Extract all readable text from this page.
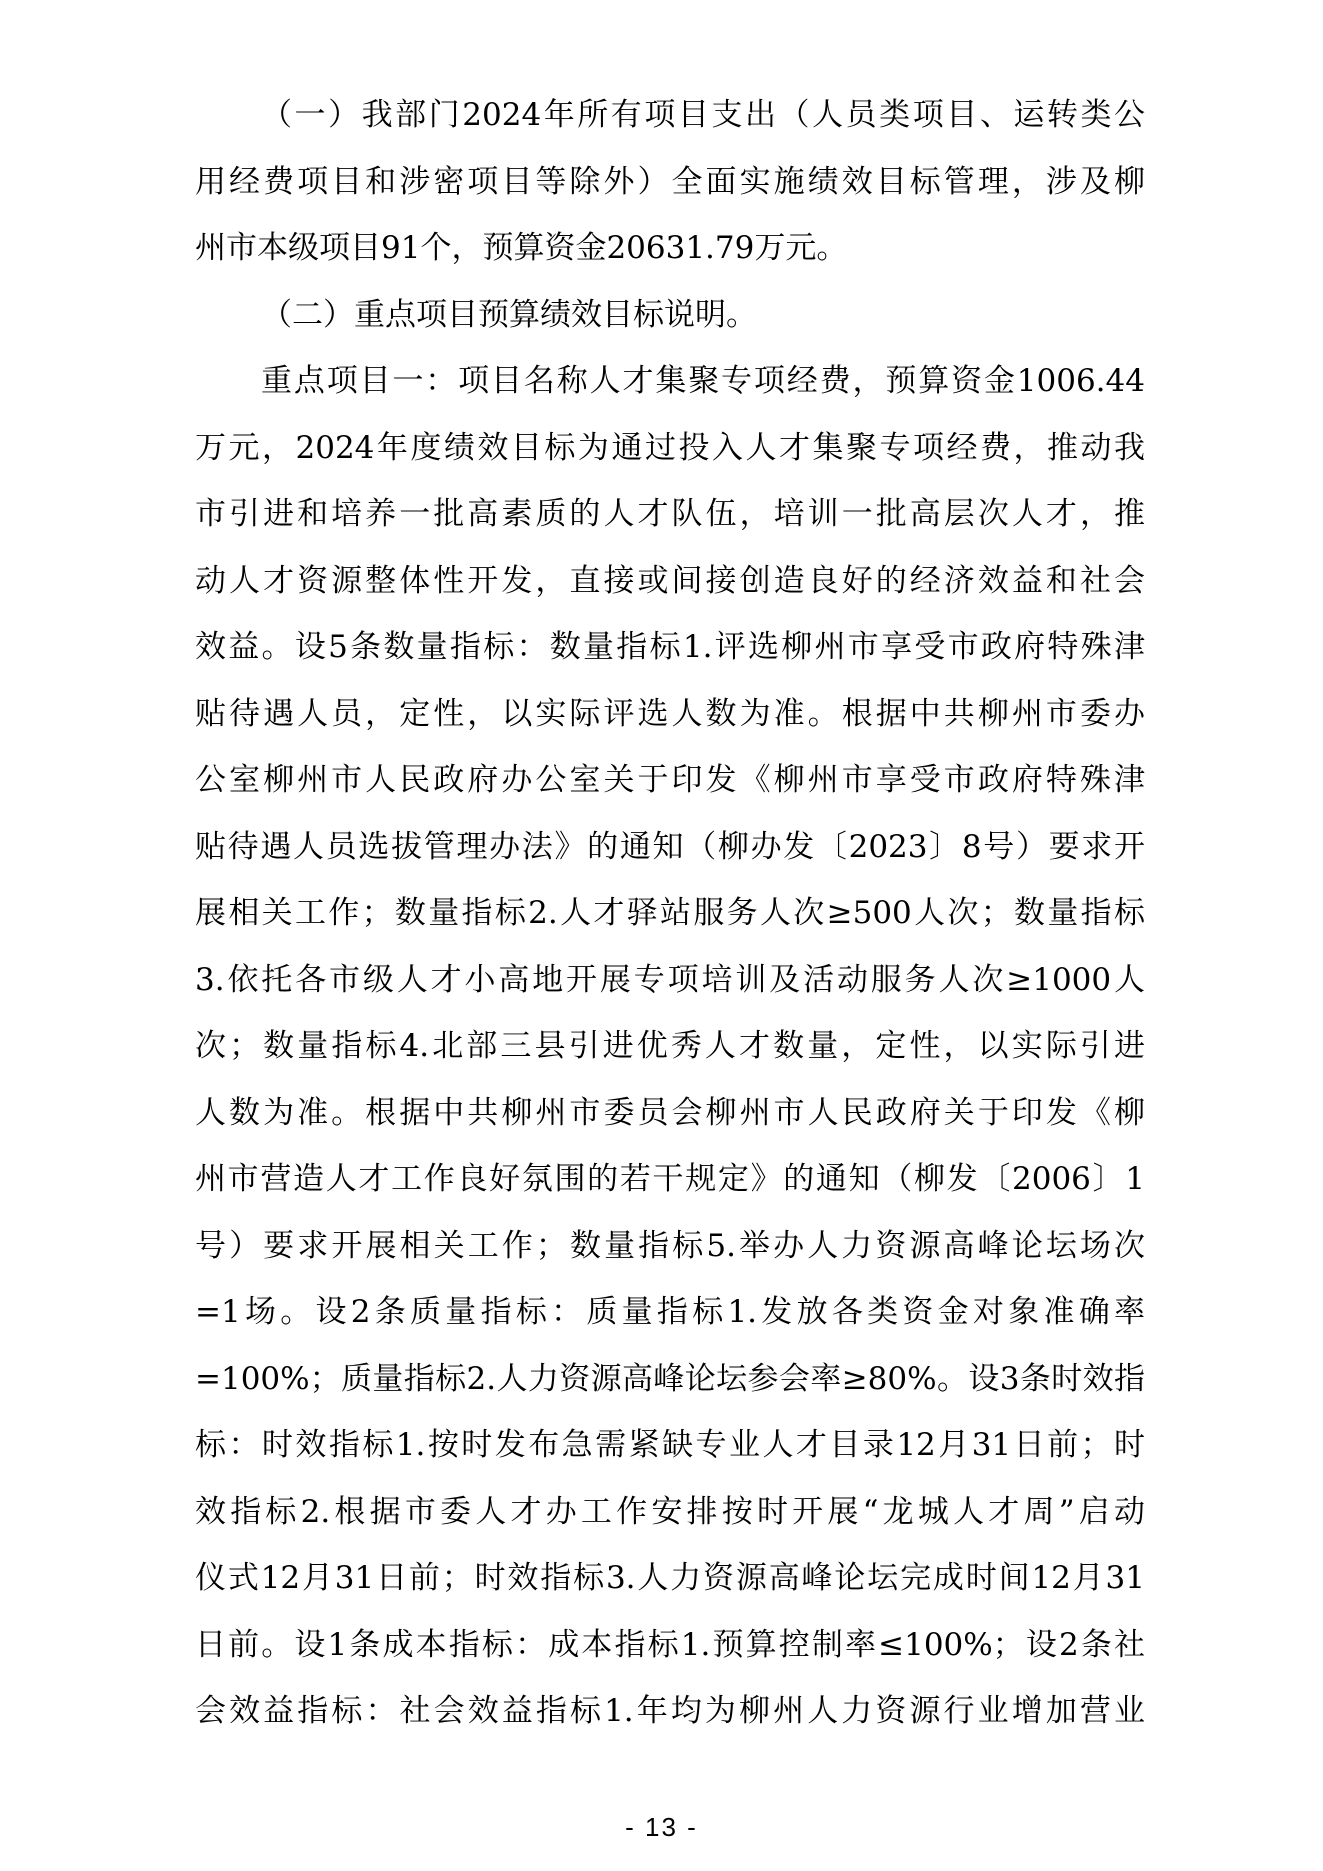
（一）我部门2024年所有项目支出（人员类项目、运转类公
用经费项目和涉密项目等除外）全面实施绩效目标管理，涉及柳
州市本级项目91个，预算资金20631.79万元。
（二）重点项目预算绩效目标说明。
重点项目一：项目名称人才集聚专项经费，预算资金1006.44
万元，2024年度绩效目标为通过投入人才集聚专项经费，推动我
市引进和培养一批高素质的人才队伍，培训一批高层次人才，推
动人才资源整体性开发，直接或间接创造良好的经济效益和社会
效益。设5条数量指标：数量指标1.评选柳州市享受市政府特殊津
贴待遇人员，定性，以实际评选人数为准。根据中共柳州市委办
公室柳州市人民政府办公室关于印发《柳州市享受市政府特殊津
贴待遇人员选拔管理办法》的通知（柳办发〔2023〕8号）要求开
展相关工作；数量指标2.人才驿站服务人次≥500人次；数量指标
3.依托各市级人才小高地开展专项培训及活动服务人次≥1000人
次；数量指标4.北部三县引进优秀人才数量，定性，以实际引进
人数为准。根据中共柳州市委员会柳州市人民政府关于印发《柳
州市营造人才工作良好氛围的若干规定》的通知（柳发〔2006〕1
号）要求开展相关工作；数量指标5.举办人力资源高峰论坛场次
=1场。设2条质量指标：质量指标1.发放各类资金对象准确率
=100%；质量指标2.人力资源高峰论坛参会率≥80%。设3条时效指
标：时效指标1.按时发布急需紧缺专业人才目录12月31日前；时
效指标2.根据市委人才办工作安排按时开展“龙城人才周”启动
仪式12月31日前；时效指标3.人力资源高峰论坛完成时间12月31
日前。设1条成本指标：成本指标1.预算控制率≤100%；设2条社
会效益指标：社会效益指标1.年均为柳州人力资源行业增加营业
- 13 -
